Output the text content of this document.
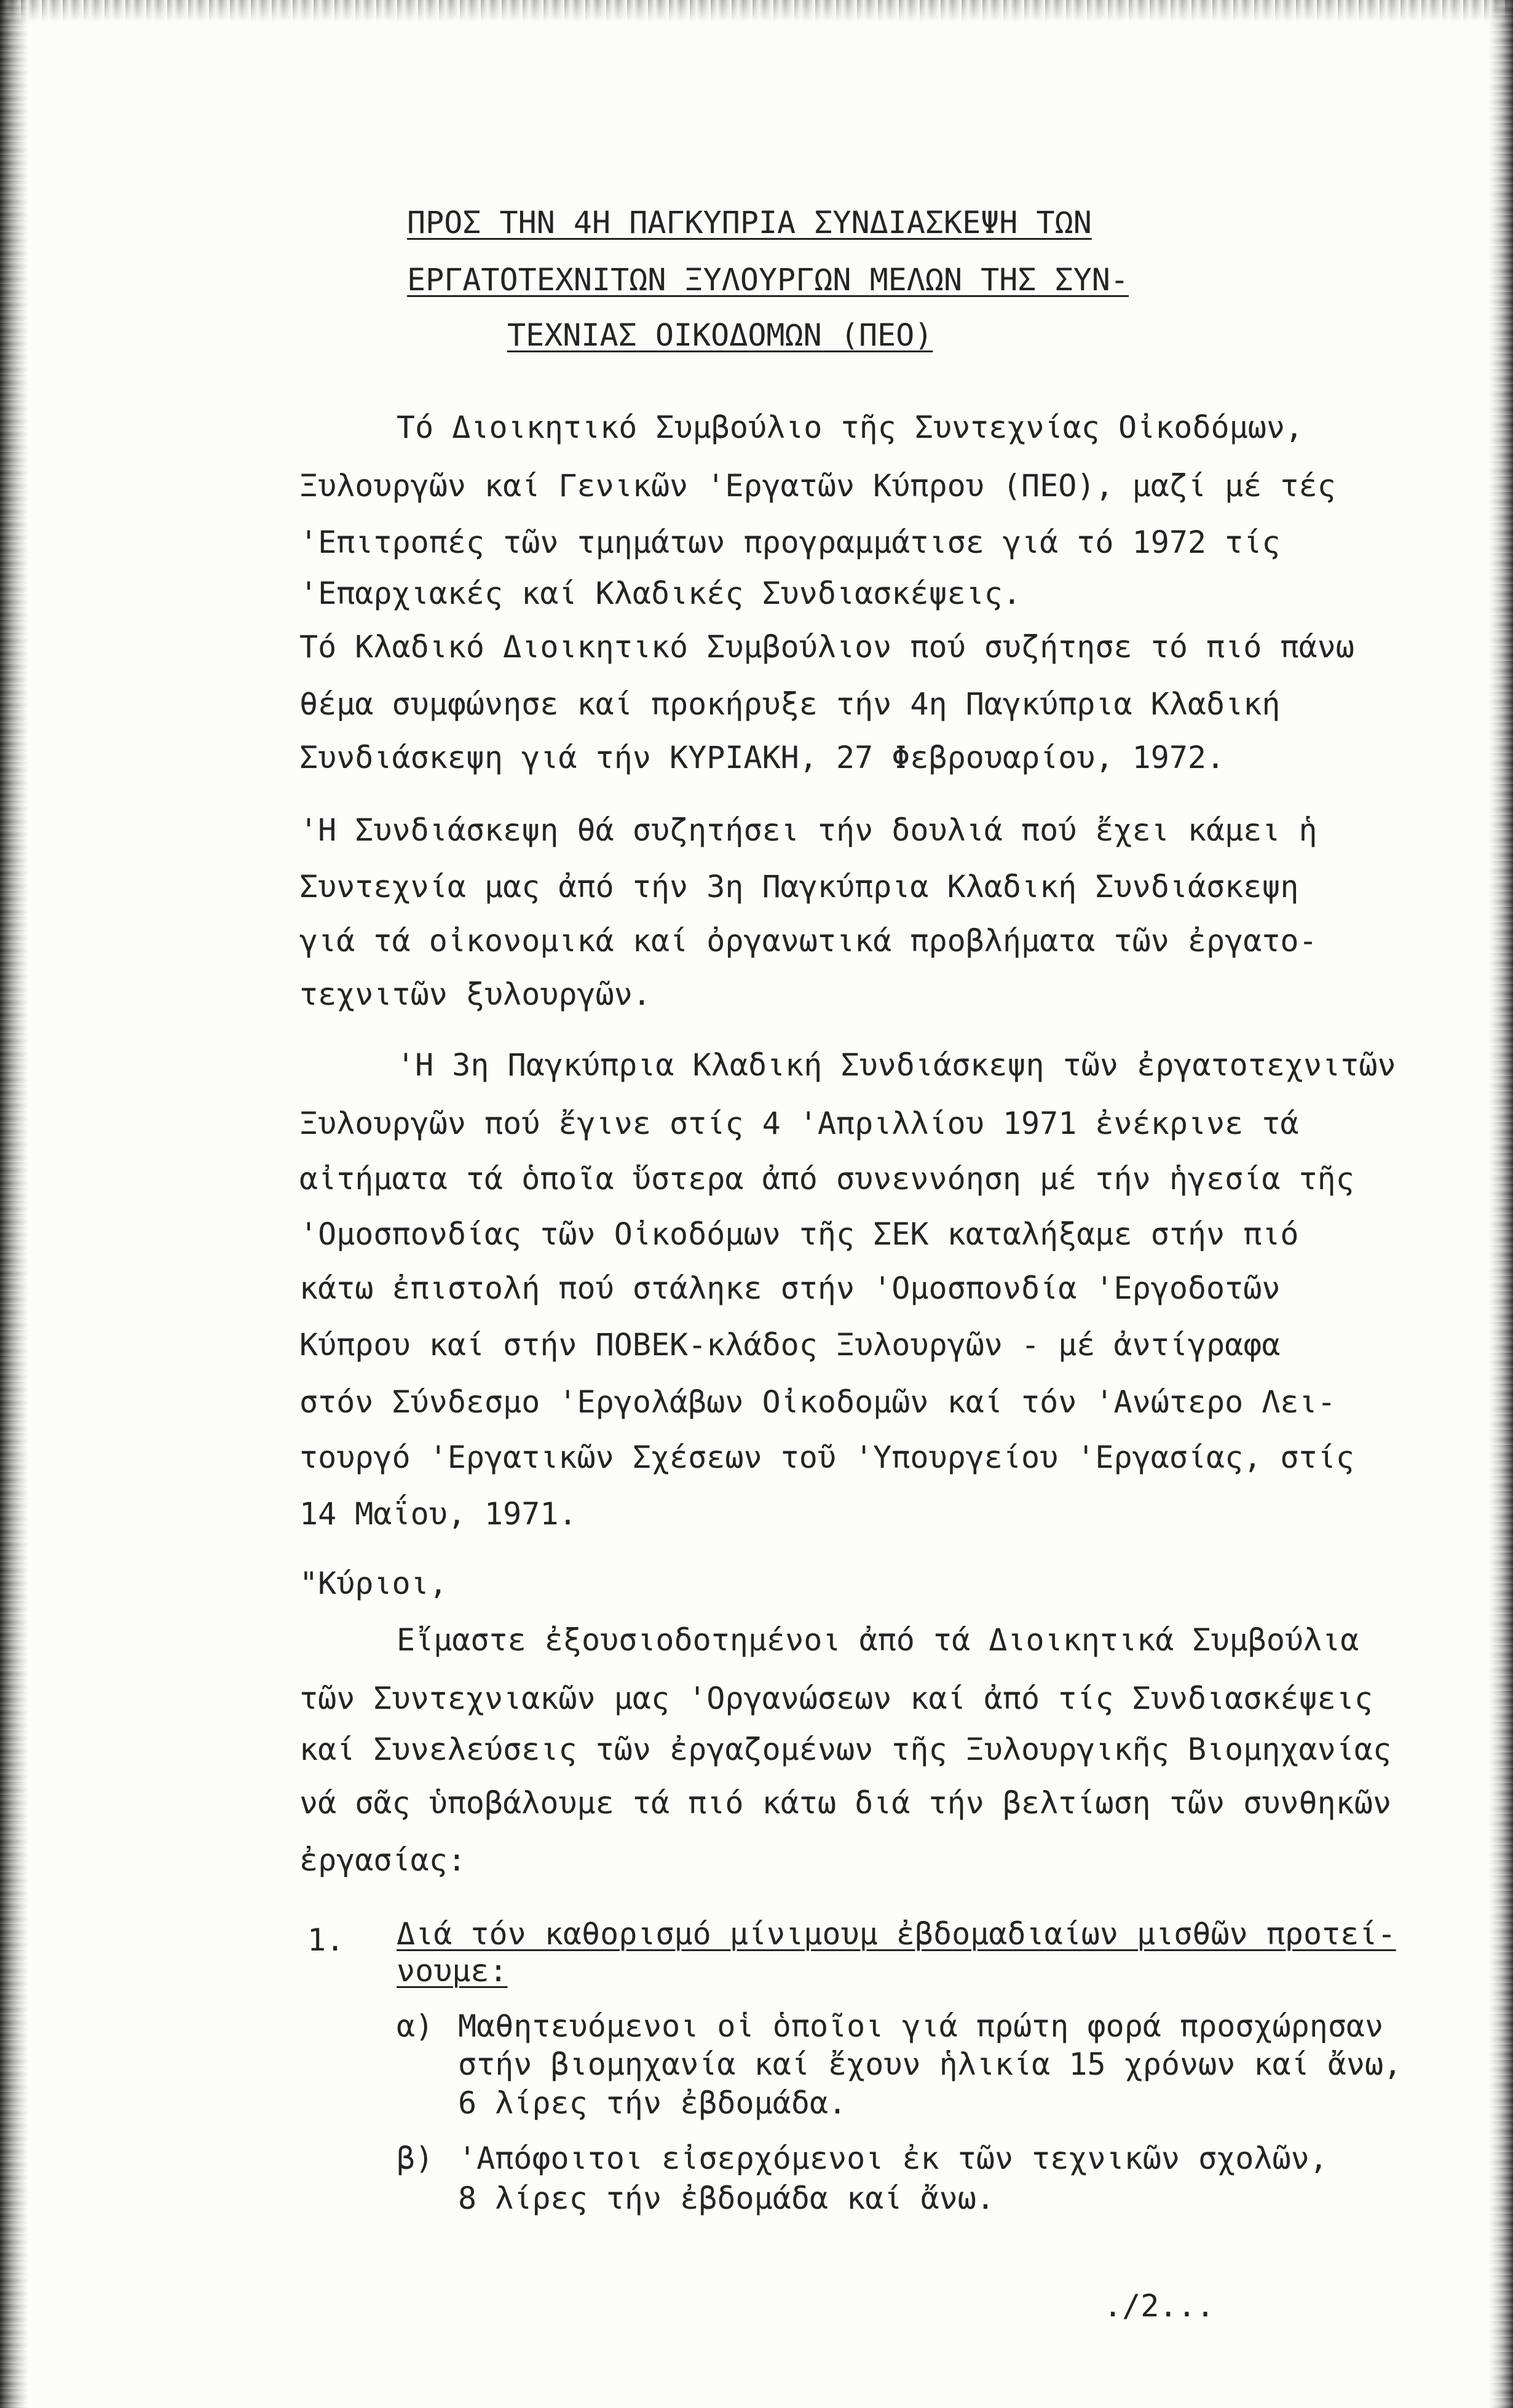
ΠΡΟΣ ΤΗΝ 4Η ΠΑΓΚΥΠΡΙΑ ΣΥΝΔΙΑΣΚΕΨΗ ΤΩΝ
ΕΡΓΑΤΟΤΕΧΝΙΤΩΝ ΞΥΛΟΥΡΓΩΝ ΜΕΛΩΝ ΤΗΣ ΣΥΝ-
ΤΕΧΝΙΑΣ ΟΙΚΟΔΟΜΩΝ (ΠΕΟ)
Τό Διοικητικό Συμβούλιο τῆς Συντεχνίας Οἰκοδόμων,
Ξυλουργῶν καί Γενικῶν 'Εργατῶν Κύπρου (ΠΕΟ), μαζί μέ τές
'Επιτροπές τῶν τμημάτων προγραμμάτισε γιά τό 1972 τίς
'Επαρχιακές καί Κλαδικές Συνδιασκέψεις.
Τό Κλαδικό Διοικητικό Συμβούλιον πού συζήτησε τό πιό πάνω
θέμα συμφώνησε καί προκήρυξε τήν 4η Παγκύπρια Κλαδική
Συνδιάσκεψη γιά τήν ΚΥΡΙΑΚΗ, 27 Φεβρουαρίου, 1972.
'Η Συνδιάσκεψη θά συζητήσει τήν δουλιά πού ἔχει κάμει ἡ
Συντεχνία μας ἀπό τήν 3η Παγκύπρια Κλαδική Συνδιάσκεψη
γιά τά οἰκονομικά καί ὀργανωτικά προβλήματα τῶν ἐργατο-
τεχνιτῶν ξυλουργῶν.
'Η 3η Παγκύπρια Κλαδική Συνδιάσκεψη τῶν ἐργατοτεχνιτῶν
Ξυλουργῶν πού ἔγινε στίς 4 'Απριλλίου 1971 ἐνέκρινε τά
αἰτήματα τά ὁποῖα ὕστερα ἀπό συνεννόηση μέ τήν ἡγεσία τῆς
'Ομοσπονδίας τῶν Οἰκοδόμων τῆς ΣΕΚ καταλήξαμε στήν πιό
κάτω ἐπιστολή πού στάληκε στήν 'Ομοσπονδία 'Εργοδοτῶν
Κύπρου καί στήν ΠΟΒΕΚ-κλάδος Ξυλουργῶν - μέ ἀντίγραφα
στόν Σύνδεσμο 'Εργολάβων Οἰκοδομῶν καί τόν 'Ανώτερο Λει-
τουργό 'Εργατικῶν Σχέσεων τοῦ 'Υπουργείου 'Εργασίας, στίς
14 Μαΐου, 1971.
"Κύριοι,
Εἴμαστε ἐξουσιοδοτημένοι ἀπό τά Διοικητικά Συμβούλια
τῶν Συντεχνιακῶν μας 'Οργανώσεων καί ἀπό τίς Συνδιασκέψεις
καί Συνελεύσεις τῶν ἐργαζομένων τῆς Ξυλουργικῆς Βιομηχανίας
νά σᾶς ὑποβάλουμε τά πιό κάτω διά τήν βελτίωση τῶν συνθηκῶν
ἐργασίας:
1. Διά τόν καθορισμό μίνιμουμ ἐβδομαδιαίων μισθῶν προτεί-
νουμε:
α) Μαθητευόμενοι οἱ ὁποῖοι γιά πρώτη φορά προσχώρησαν
στήν βιομηχανία καί ἔχουν ἡλικία 15 χρόνων καί ἄνω,
6 λίρες τήν ἐβδομάδα.
β) 'Απόφοιτοι εἰσερχόμενοι ἐκ τῶν τεχνικῶν σχολῶν,
8 λίρες τήν ἐβδομάδα καί ἄνω.
./2...
